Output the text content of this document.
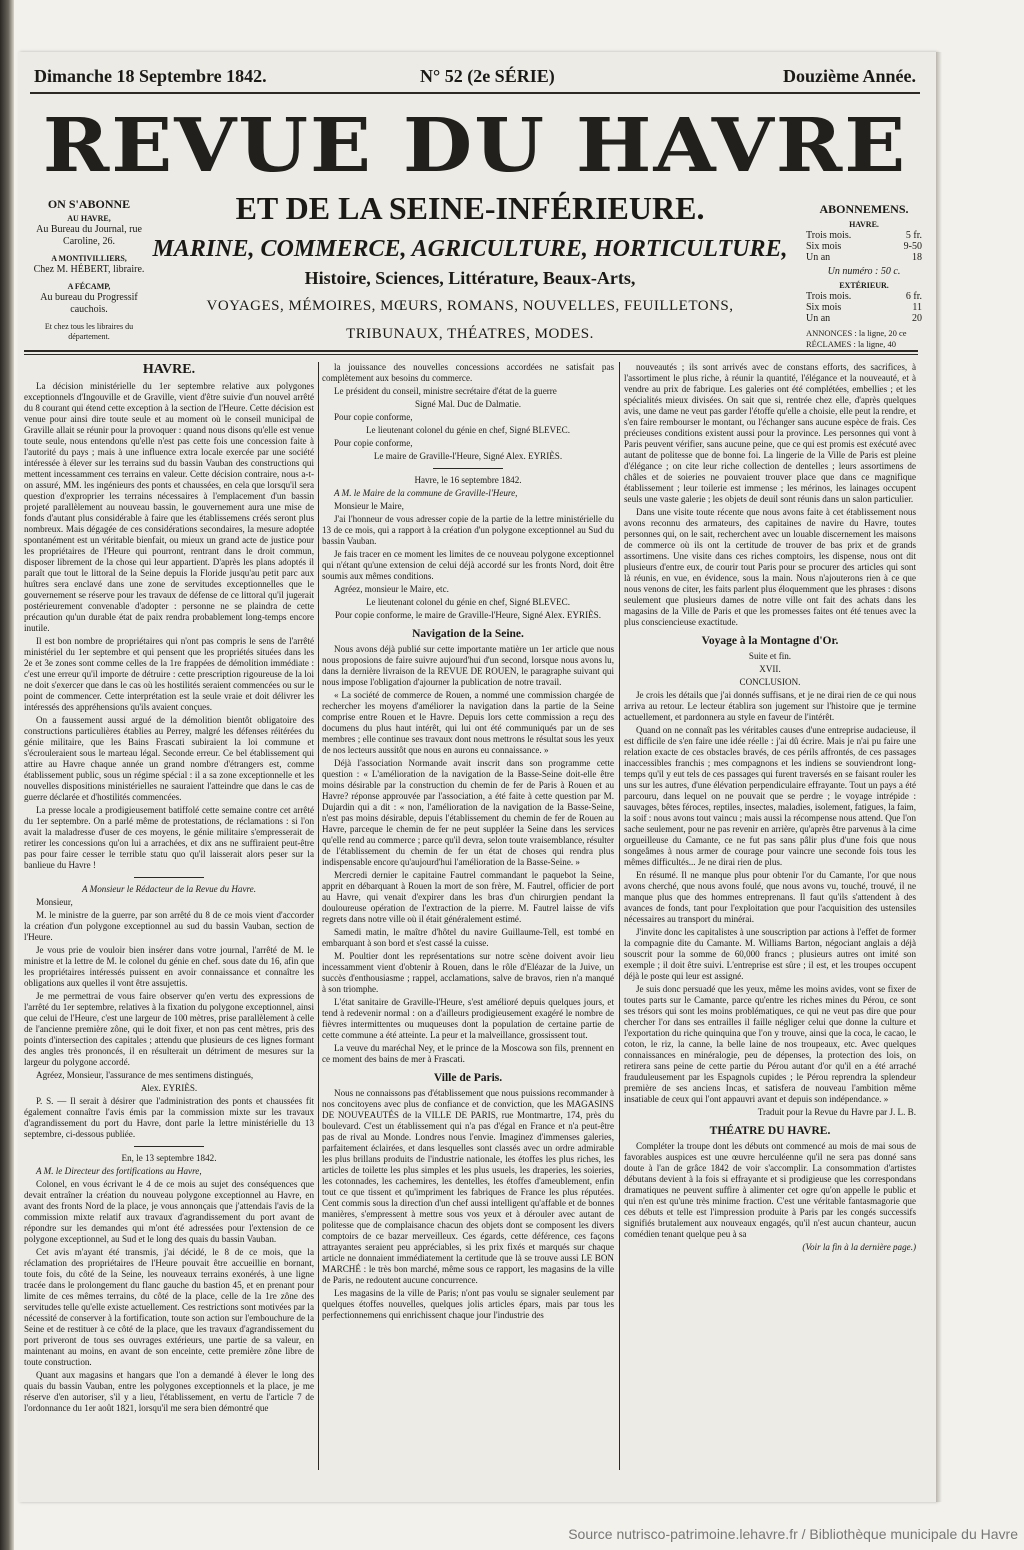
Dimanche 18 Septembre 1842.	N° 52 (2e SÉRIE)	Douzième Année.
REVUE DU HAVRE
ET DE LA SEINE-INFÉRIEURE.
MARINE, COMMERCE, AGRICULTURE, HORTICULTURE,
Histoire, Sciences, Littérature, Beaux-Arts,
VOYAGES, MÉMOIRES, MŒURS, ROMANS, NOUVELLES, FEUILLETONS,
TRIBUNAUX, THÉATRES, MODES.
ON S'ABONNE
AU HAVRE,
Au Bureau du Journal, rue Caroline, 26.
A MONTIVILLIERS,
Chez M. HÉBERT, libraire.
A FÉCAMP,
Au bureau du Progressif cauchois.
Et chez tous les libraires du département.
ABONNEMENS.
HAVRE.
Trois mois.	5 fr.
Six mois	9-50
Un an	18
Un numéro : 50 c.
EXTÉRIEUR.
Trois mois.	6 fr.
Six mois	11
Un an	20
ANNONCES : la ligne, 20 ce
RÉCLAMES : la ligne, 40
HAVRE.

La décision ministérielle du 1er septembre relative aux polygones exceptionnels d'Ingouville et de Graville, vient d'être suivie d'un nouvel arrêté du 8 courant qui étend cette exception à la section de l'Heure. Cette décision est venue pour ainsi dire toute seule et au moment où le conseil municipal de Graville allait se réunir pour la provoquer : quand nous disons qu'elle est venue toute seule, nous entendons qu'elle n'est pas cette fois une concession faite à l'autorité du pays ; mais à une influence extra locale exercée par une société intéressée à élever sur les terrains sud du bassin Vauban des constructions qui mettent incessamment ces terrains en valeur. Cette décision contraire, nous a-t-on assuré, MM. les ingénieurs des ponts et chaussées, en cela que lorsqu'il sera question d'exproprier les terrains nécessaires à l'emplacement d'un bassin projeté parallèlement au nouveau bassin, le gouvernement aura une mise de fonds d'autant plus considérable à faire que les établissemens créés seront plus nombreux. Mais dégagée de ces considérations secondaires, la mesure adoptée spontanément est un véritable bienfait, ou mieux un grand acte de justice pour les propriétaires de l'Heure qui pourront, rentrant dans le droit commun, disposer librement de la chose qui leur appartient. D'après les plans adoptés il paraît que tout le littoral de la Seine depuis la Floride jusqu'au petit parc aux huîtres sera enclavé dans une zone de servitudes exceptionnelles que le gouvernement se réserve pour les travaux de défense de ce littoral qu'il jugerait postérieurement convenable d'adopter : personne ne se plaindra de cette précaution qu'un durable état de paix rendra probablement long-temps encore inutile.

Il est bon nombre de propriétaires qui n'ont pas compris le sens de l'arrêté ministériel du 1er septembre et qui pensent que les propriétés situées dans les 2e et 3e zones sont comme celles de la 1re frappées de démolition immédiate : c'est une erreur qu'il importe de détruire : cette prescription rigoureuse de la loi ne doit s'exercer que dans le cas où les hostilités seraient commencées ou sur le point de commencer. Cette interprétation est la seule vraie et doit délivrer les intéressés des appréhensions qu'ils avaient conçues.

On a faussement aussi argué de la démolition bientôt obligatoire des constructions particulières établies au Perrey, malgré les défenses réitérées du génie militaire, que les Bains Frascati subiraient la loi commune et s'écrouleraient sous le marteau légal. Seconde erreur. Ce bel établissement qui attire au Havre chaque année un grand nombre d'étrangers est, comme établissement public, sous un régime spécial : il a sa zone exceptionnelle et les nouvelles dispositions ministérielles ne sauraient l'atteindre que dans le cas de guerre déclarée et d'hostilités commencées.

La presse locale a prodigieusement batiffolé cette semaine contre cet arrêté du 1er septembre. On a parlé même de protestations, de réclamations : si l'on avait la maladresse d'user de ces moyens, le génie militaire s'empresserait de retirer les concessions qu'on lui a arrachées, et dix ans ne suffiraient peut-être pas pour faire cesser le terrible statu quo qu'il laisserait alors peser sur la banlieue du Havre !

A Monsieur le Rédacteur de la Revue du Havre.

Monsieur,

M. le ministre de la guerre, par son arrêté du 8 de ce mois vient d'accorder la création d'un polygone exceptionnel au sud du bassin Vauban, section de l'Heure.

Je vous prie de vouloir bien insérer dans votre journal, l'arrêté de M. le ministre et la lettre de M. le colonel du génie en chef. sous date du 16, afin que les propriétaires intéressés puissent en avoir connaissance et connaître les obligations aux quelles il vont être assujettis.

Je me permettrai de vous faire observer qu'en vertu des expressions de l'arrêté du 1er septembre, relatives à la fixation du polygone exceptionnel, ainsi que celui de l'Heure, c'est une largeur de 100 mètres, prise parallèlement à celle de l'ancienne première zône, qui le doit fixer, et non pas cent mètres, pris des points d'intersection des capitales ; attendu que plusieurs de ces lignes formant des angles très prononcés, il en résulterait un détriment de mesures sur la largeur du polygone accordé.

Agréez, Monsieur, l'assurance de mes sentimens distingués,

Alex. EYRIÈS.

P. S. — Il serait à désirer que l'administration des ponts et chaussées fit également connaître l'avis émis par la commission mixte sur les travaux d'agrandissement du port du Havre, dont parle la lettre ministérielle du 13 septembre, ci-dessous publiée.

En, le 13 septembre 1842.

A M. le Directeur des fortifications au Havre,

Colonel, en vous écrivant le 4 de ce mois au sujet des conséquences que devait entraîner la création du nouveau polygone exceptionnel au Havre, en avant des fronts Nord de la place, je vous annonçais que j'attendais l'avis de la commission mixte relatif aux travaux d'agrandissement du port avant de répondre sur les demandes qui m'ont été adressées pour l'extension de ce polygone exceptionnel, au Sud et le long des quais du bassin Vauban.

Cet avis m'ayant été transmis, j'ai décidé, le 8 de ce mois, que la réclamation des propriétaires de l'Heure pouvait être accueillie en bornant, toute fois, du côté de la Seine, les nouveaux terrains exonérés, à une ligne tracée dans le prolongement du flanc gauche du bastion 45, et en prenant pour limite de ces mêmes terrains, du côté de la place, celle de la 1re zône des servitudes telle qu'elle existe actuellement. Ces restrictions sont motivées par la nécessité de conserver à la fortification, toute son action sur l'embouchure de la Seine et de restituer à ce côté de la place, que les travaux d'agrandissement du port priveront de tous ses ouvrages extérieurs, une partie de sa valeur, en maintenant au moins, en avant de son enceinte, cette première zône libre de toute construction.

Quant aux magasins et hangars que l'on a demandé à élever le long des quais du bassin Vauban, entre les polygones exceptionnels et la place, je me réserve d'en autoriser, s'il y a lieu, l'établissement, en vertu de l'article 7 de l'ordonnance du 1er août 1821, lorsqu'il me sera bien démontré que

la jouissance des nouvelles concessions accordées ne satisfait pas complètement aux besoins du commerce.

Le président du conseil, ministre secrétaire d'état de la guerre

Signé Mal. Duc de Dalmatie.

Pour copie conforme,

Le lieutenant colonel du génie en chef, Signé BLEVEC.

Pour copie conforme,

Le maire de Graville-l'Heure, Signé Alex. EYRIÈS.

Havre, le 16 septembre 1842.

A M. le Maire de la commune de Graville-l'Heure,

Monsieur le Maire,

J'ai l'honneur de vous adresser copie de la partie de la lettre ministérielle du 13 de ce mois, qui a rapport à la création d'un polygone exceptionnel au Sud du bassin Vauban.

Je fais tracer en ce moment les limites de ce nouveau polygone exceptionnel qui n'étant qu'une extension de celui déjà accordé sur les fronts Nord, doit être soumis aux mêmes conditions.

Agréez, monsieur le Maire, etc.

Le lieutenant colonel du génie en chef, Signé BLEVEC.

Pour copie conforme, le maire de Graville-l'Heure, Signé Alex. EYRIÈS.

Navigation de la Seine.

Nous avons déjà publié sur cette importante matière un 1er article que nous nous proposions de faire suivre aujourd'hui d'un second, lorsque nous avons lu, dans la dernière livraison de la REVUE DE ROUEN, le paragraphe suivant qui nous impose l'obligation d'ajourner la publication de notre travail.

« La société de commerce de Rouen, a nommé une commission chargée de rechercher les moyens d'améliorer la navigation dans la partie de la Seine comprise entre Rouen et le Havre. Depuis lors cette commission a reçu des documens du plus haut intérêt, qui lui ont été communiqués par un de ses membres ; elle continue ses travaux dont nous mettrons le résultat sous les yeux de nos lecteurs aussitôt que nous en aurons eu connaissance. »

Déjà l'association Normande avait inscrit dans son programme cette question : « L'amélioration de la navigation de la Basse-Seine doit-elle être moins désirable par la construction du chemin de fer de Paris à Rouen et au Havre? réponse approuvée par l'association, a été faite à cette question par M. Dujardin qui a dit : « non, l'amélioration de la navigation de la Basse-Seine, n'est pas moins désirable, depuis l'établissement du chemin de fer de Rouen au Havre, parceque le chemin de fer ne peut suppléer la Seine dans les services qu'elle rend au commerce ; parce qu'il devra, selon toute vraisemblance, résulter de l'établissement du chemin de fer un état de choses qui rendra plus indispensable encore qu'aujourd'hui l'amélioration de la Basse-Seine. »

Mercredi dernier le capitaine Fautrel commandant le paquebot la Seine, apprit en débarquant à Rouen la mort de son frère, M. Fautrel, officier de port au Havre, qui venait d'expirer dans les bras d'un chirurgien pendant la douloureuse opération de l'extraction de la pierre. M. Fautrel laisse de vifs regrets dans notre ville où il était généralement estimé.

Samedi matin, le maître d'hôtel du navire Guillaume-Tell, est tombé en embarquant à son bord et s'est cassé la cuisse.

M. Poultier dont les représentations sur notre scène doivent avoir lieu incessamment vient d'obtenir à Rouen, dans le rôle d'Eléazar de la Juive, un succès d'enthousiasme ; rappel, acclamations, salve de bravos, rien n'a manqué à son triomphe.

L'état sanitaire de Graville-l'Heure, s'est amélioré depuis quelques jours, et tend à redevenir normal : on a d'ailleurs prodigieusement exagéré le nombre de fièvres intermittentes ou muqueuses dont la population de certaine partie de cette commune a été atteinte. La peur et la malveillance, grossissent tout.

La veuve du maréchal Ney, et le prince de la Moscowa son fils, prennent en ce moment des bains de mer à Frascati.

Ville de Paris.

Nous ne connaissons pas d'établissement que nous puissions recommander à nos concitoyens avec plus de confiance et de conviction, que les MAGASINS DE NOUVEAUTÉS de la VILLE DE PARIS, rue Montmartre, 174, près du boulevard. C'est un établissement qui n'a pas d'égal en France et n'a peut-être pas de rival au Monde. Londres nous l'envie. Imaginez d'immenses galeries, parfaitement éclairées, et dans lesquelles sont classés avec un ordre admirable les plus brillans produits de l'industrie nationale, les étoffes les plus riches, les articles de toilette les plus simples et les plus usuels, les draperies, les soieries, les cotonnades, les cachemires, les dentelles, les étoffes d'ameublement, enfin tout ce que tissent et qu'impriment les fabriques de France les plus réputées. Cent commis sous la direction d'un chef aussi intelligent qu'affable et de bonnes manières, s'empressent à mettre sous vos yeux et à dérouler avec autant de politesse que de complaisance chacun des objets dont se composent les divers comptoirs de ce bazar merveilleux. Ces égards, cette déférence, ces façons attrayantes seraient peu appréciables, si les prix fixés et marqués sur chaque article ne donnaient immédiatement la certitude que là se trouve aussi LE BON MARCHÉ : le très bon marché, même sous ce rapport, les magasins de la ville de Paris, ne redoutent aucune concurrence.

Les magasins de la ville de Paris; n'ont pas voulu se signaler seulement par quelques étoffes nouvelles, quelques jolis articles épars, mais par tous les perfectionnemens qui enrichissent chaque jour l'industrie des

nouveautés ; ils sont arrivés avec de constans efforts, des sacrifices, à l'assortiment le plus riche, à réunir la quantité, l'élégance et la nouveauté, et à vendre au prix de fabrique. Les galeries ont été complétées, embellies ; et les spécialités mieux divisées. On sait que si, rentrée chez elle, d'après quelques avis, une dame ne veut pas garder l'étoffe qu'elle a choisie, elle peut la rendre, et s'en faire rembourser le montant, ou l'échanger sans aucune espèce de frais. Ces précieuses conditions existent aussi pour la province. Les personnes qui vont à Paris peuvent vérifier, sans aucune peine, que ce qui est promis est exécuté avec autant de politesse que de bonne foi. La lingerie de la Ville de Paris est pleine d'élégance ; on cite leur riche collection de dentelles ; leurs assortimens de châles et de soieries ne pouvaient trouver place que dans ce magnifique établissement ; leur toilerie est immense ; les mérinos, les lainages occupent seuls une vaste galerie ; les objets de deuil sont réunis dans un salon particulier.

Dans une visite toute récente que nous avons faite à cet établissement nous avons reconnu des armateurs, des capitaines de navire du Havre, toutes personnes qui, on le sait, recherchent avec un louable discernement les maisons de commerce où ils ont la certitude de trouver de bas prix et de grands assortimens. Une visite dans ces riches comptoirs, les dispense, nous ont dit plusieurs d'entre eux, de courir tout Paris pour se procurer des articles qui sont là réunis, en vue, en évidence, sous la main. Nous n'ajouterons rien à ce que nous venons de citer, les faits parlent plus éloquemment que les phrases : disons seulement que plusieurs dames de notre ville ont fait des achats dans les magasins de la Ville de Paris et que les promesses faites ont été tenues avec la plus consciencieuse exactitude.

Voyage à la Montagne d'Or.

Suite et fin.

XVII.

CONCLUSION.

Je crois les détails que j'ai donnés suffisans, et je ne dirai rien de ce qui nous arriva au retour. Le lecteur établira son jugement sur l'histoire que je termine actuellement, et pardonnera au style en faveur de l'intérêt.

Quand on ne connaît pas les véritables causes d'une entreprise audacieuse, il est difficile de s'en faire une idée réelle : j'ai dû écrire. Mais je n'ai pu faire une relation exacte de ces obstacles bravés, de ces périls affrontés, de ces passages inaccessibles franchis ; mes compagnons et les indiens se souviendront long-temps qu'il y eut tels de ces passages qui furent traversés en se faisant rouler les uns sur les autres, d'une élévation perpendiculaire effrayante. Tout un pays a été parcouru, dans lequel on ne pouvait que se perdre ; le voyage intrépide : sauvages, bêtes féroces, reptiles, insectes, maladies, isolement, fatigues, la faim, la soif : nous avons tout vaincu ; mais aussi la récompense nous attend. Que l'on sache seulement, pour ne pas revenir en arrière, qu'après être parvenus à la cime orgueilleuse du Camante, ce ne fut pas sans pâlir plus d'une fois que nous songeâmes à nous armer de courage pour vaincre une seconde fois tous les mêmes difficultés... Je ne dirai rien de plus.

En résumé. Il ne manque plus pour obtenir l'or du Camante, l'or que nous avons cherché, que nous avons foulé, que nous avons vu, touché, trouvé, il ne manque plus que des hommes entreprenans. Il faut qu'ils s'attendent à des avances de fonds, tant pour l'exploitation que pour l'acquisition des ustensiles nécessaires au transport du minérai.

J'invite donc les capitalistes à une souscription par actions à l'effet de former la compagnie dite du Camante. M. Williams Barton, négociant anglais a déjà souscrit pour la somme de 60,000 francs ; plusieurs autres ont imité son exemple ; il doit être suivi. L'entreprise est sûre ; il est, et les troupes occupent déjà le poste qui leur est assigné.

Je suis donc persuadé que les yeux, même les moins avides, vont se fixer de toutes parts sur le Camante, parce qu'entre les riches mines du Pérou, ce sont ses trésors qui sont les moins problématiques, ce qui ne veut pas dire que pour chercher l'or dans ses entrailles il faille négliger celui que donne la culture et l'exportation du riche quinquina que l'on y trouve, ainsi que la coca, le cacao, le coton, le riz, la canne, la belle laine de nos troupeaux, etc. Avec quelques connaissances en minéralogie, peu de dépenses, la protection des lois, on retirera sans peine de cette partie du Pérou autant d'or qu'il en a été arraché frauduleusement par les Espagnols cupides ; le Pérou reprendra la splendeur première de ses anciens Incas, et satisfera de nouveau l'ambition même insatiable de ceux qui l'ont appauvri avant et depuis son indépendance. »

Traduit pour la Revue du Havre par J. L. B.

THÉATRE DU HAVRE.

Compléter la troupe dont les débuts ont commencé au mois de mai sous de favorables auspices est une œuvre herculéenne qu'il ne sera pas donné sans doute à l'an de grâce 1842 de voir s'accomplir. La consommation d'artistes débutans devient à la fois si effrayante et si prodigieuse que les correspondans dramatiques ne peuvent suffire à alimenter cet ogre qu'on appelle le public et qui n'en est qu'une très minime fraction. C'est une véritable fantasmagorie que ces débuts et telle est l'impression produite à Paris par les congés successifs signifiés brutalement aux nouveaux engagés, qu'il n'est aucun chanteur, aucun comédien tenant quelque peu à sa

(Voir la fin à la dernière page.)

Source nutrisco-patrimoine.lehavre.fr / Bibliothèque municipale du Havre
